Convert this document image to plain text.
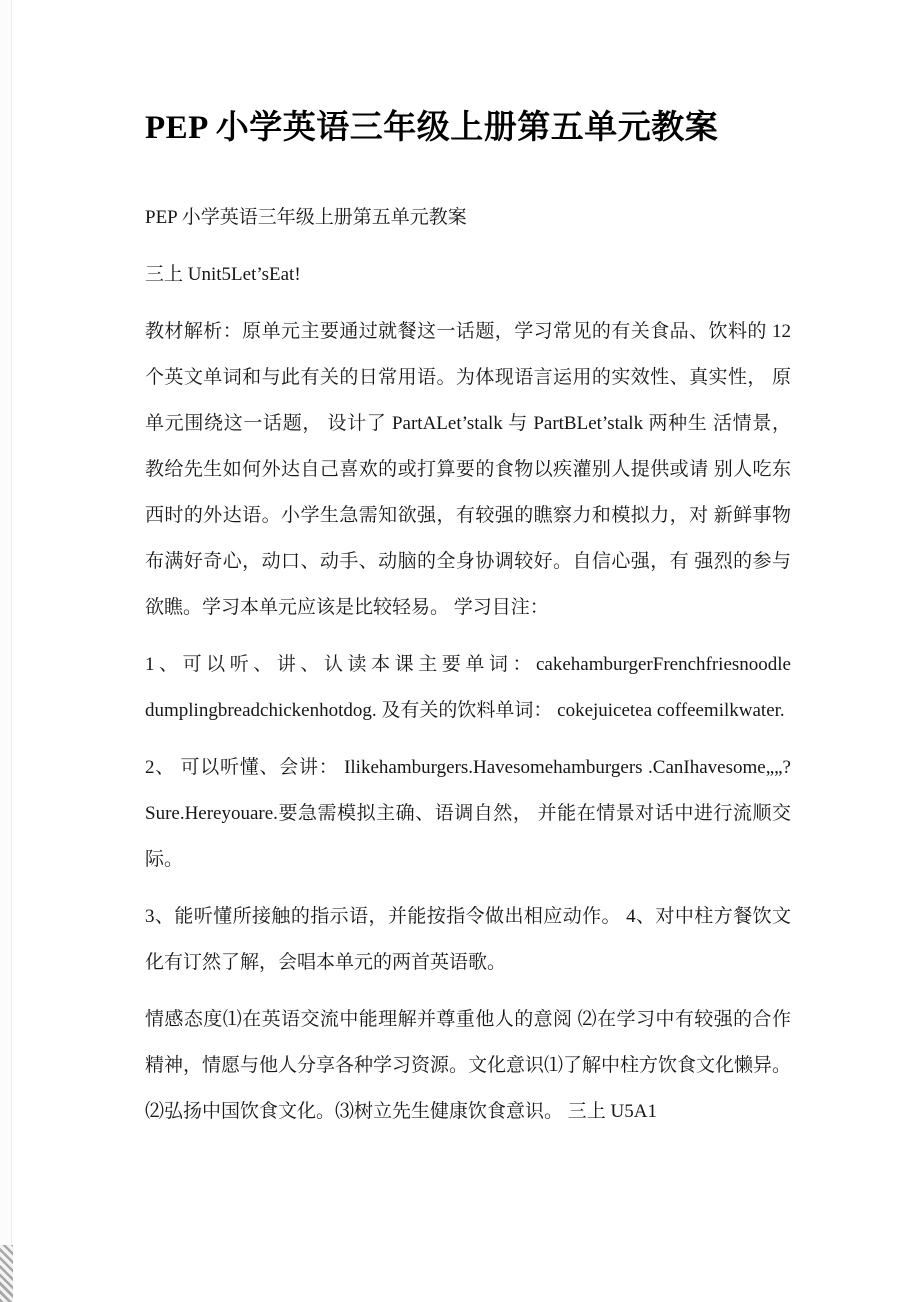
PEP 小学英语三年级上册第五单元教案

PEP 小学英语三年级上册第五单元教案

三上 Unit5Let’sEat!

教材解析：原单元主要通过就餐这一话题，学习常见的有关食品、饮料的 12 个英文单词和与此有关的日常用语。为体现语言运用的实效性、真实性， 原单元围绕这一话题， 设计了 PartALet’stalk 与 PartBLet’stalk 两种生 活情景，教给先生如何外达自己喜欢的或打算要的食物以疾灌别人提供或请 别人吃东西时的外达语。小学生急需知欲强，有较强的瞧察力和模拟力，对 新鲜事物布满好奇心，动口、动手、动脑的全身协调较好。自信心强，有 强烈的参与欲瞧。学习本单元应该是比较轻易。 学习目注：

1、可以听、讲、认读本课主要单词：cakehamburgerFrenchfriesnoodle dumplingbreadchickenhotdog. 及有关的饮料单词： cokejuicetea coffeemilkwater.

2、 可以听懂、会讲： Ilikehamburgers.Havesomehamburgers .CanIhavesome„„?Sure.Hereyouare.要急需模拟主确、语调自然， 并能在情景对话中进行流顺交际。

3、能听懂所接触的指示语，并能按指令做出相应动作。 4、对中柱方餐饮文化有订然了解，会唱本单元的两首英语歌。

情感态度⑴在英语交流中能理解并尊重他人的意阅 ⑵在学习中有较强的合作精神，情愿与他人分享各种学习资源。文化意识⑴了解中柱方饮食文化懒异。⑵弘扬中国饮食文化。⑶树立先生健康饮食意识。 三上 U5A1
